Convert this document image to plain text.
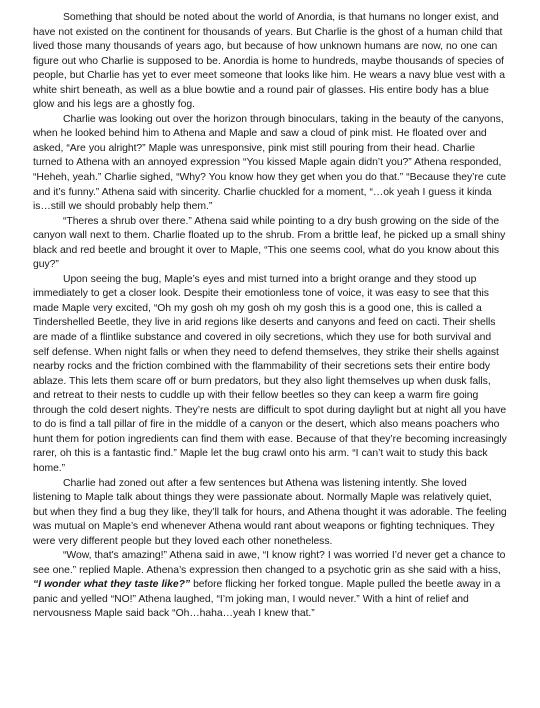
Something that should be noted about the world of Anordia, is that humans no longer exist, and have not existed on the continent for thousands of years. But Charlie is the ghost of a human child that lived those many thousands of years ago, but because of how unknown humans are now, no one can figure out who Charlie is supposed to be. Anordia is home to hundreds, maybe thousands of species of people, but Charlie has yet to ever meet someone that looks like him. He wears a navy blue vest with a white shirt beneath, as well as a blue bowtie and a round pair of glasses. His entire body has a blue glow and his legs are a ghostly fog.

Charlie was looking out over the horizon through binoculars, taking in the beauty of the canyons, when he looked behind him to Athena and Maple and saw a cloud of pink mist. He floated over and asked, “Are you alright?” Maple was unresponsive, pink mist still pouring from their head. Charlie turned to Athena with an annoyed expression “You kissed Maple again didn’t you?” Athena responded, “Heheh, yeah.” Charlie sighed, “Why? You know how they get when you do that.” “Because they’re cute and it’s funny.” Athena said with sincerity. Charlie chuckled for a moment, “…ok yeah I guess it kinda is…still we should probably help them.”

“Theres a shrub over there.” Athena said while pointing to a dry bush growing on the side of the canyon wall next to them. Charlie floated up to the shrub. From a brittle leaf, he picked up a small shiny black and red beetle and brought it over to Maple, “This one seems cool, what do you know about this guy?”

Upon seeing the bug, Maple’s eyes and mist turned into a bright orange and they stood up immediately to get a closer look. Despite their emotionless tone of voice, it was easy to see that this made Maple very excited, “Oh my gosh oh my gosh oh my gosh this is a good one, this is called a Tindershelled Beetle, they live in arid regions like deserts and canyons and feed on cacti. Their shells are made of a flintlike substance and covered in oily secretions, which they use for both survival and self defense. When night falls or when they need to defend themselves, they strike their shells against nearby rocks and the friction combined with the flammability of their secretions sets their entire body ablaze. This lets them scare off or burn predators, but they also light themselves up when dusk falls, and retreat to their nests to cuddle up with their fellow beetles so they can keep a warm fire going through the cold desert nights. They’re nests are difficult to spot during daylight but at night all you have to do is find a tall pillar of fire in the middle of a canyon or the desert, which also means poachers who hunt them for potion ingredients can find them with ease. Because of that they’re becoming increasingly rarer, oh this is a fantastic find.” Maple let the bug crawl onto his arm. “I can’t wait to study this back home.”

Charlie had zoned out after a few sentences but Athena was listening intently. She loved listening to Maple talk about things they were passionate about. Normally Maple was relatively quiet, but when they find a bug they like, they’ll talk for hours, and Athena thought it was adorable. The feeling was mutual on Maple’s end whenever Athena would rant about weapons or fighting techniques. They were very different people but they loved each other nonetheless.

“Wow, that's amazing!” Athena said in awe, “I know right? I was worried I’d never get a chance to see one.” replied Maple. Athena’s expression then changed to a psychotic grin as she said with a hiss, “I wonder what they taste like?” before flicking her forked tongue. Maple pulled the beetle away in a panic and yelled “NO!” Athena laughed, “I’m joking man, I would never.” With a hint of relief and nervousness Maple said back “Oh…haha…yeah I knew that.”
